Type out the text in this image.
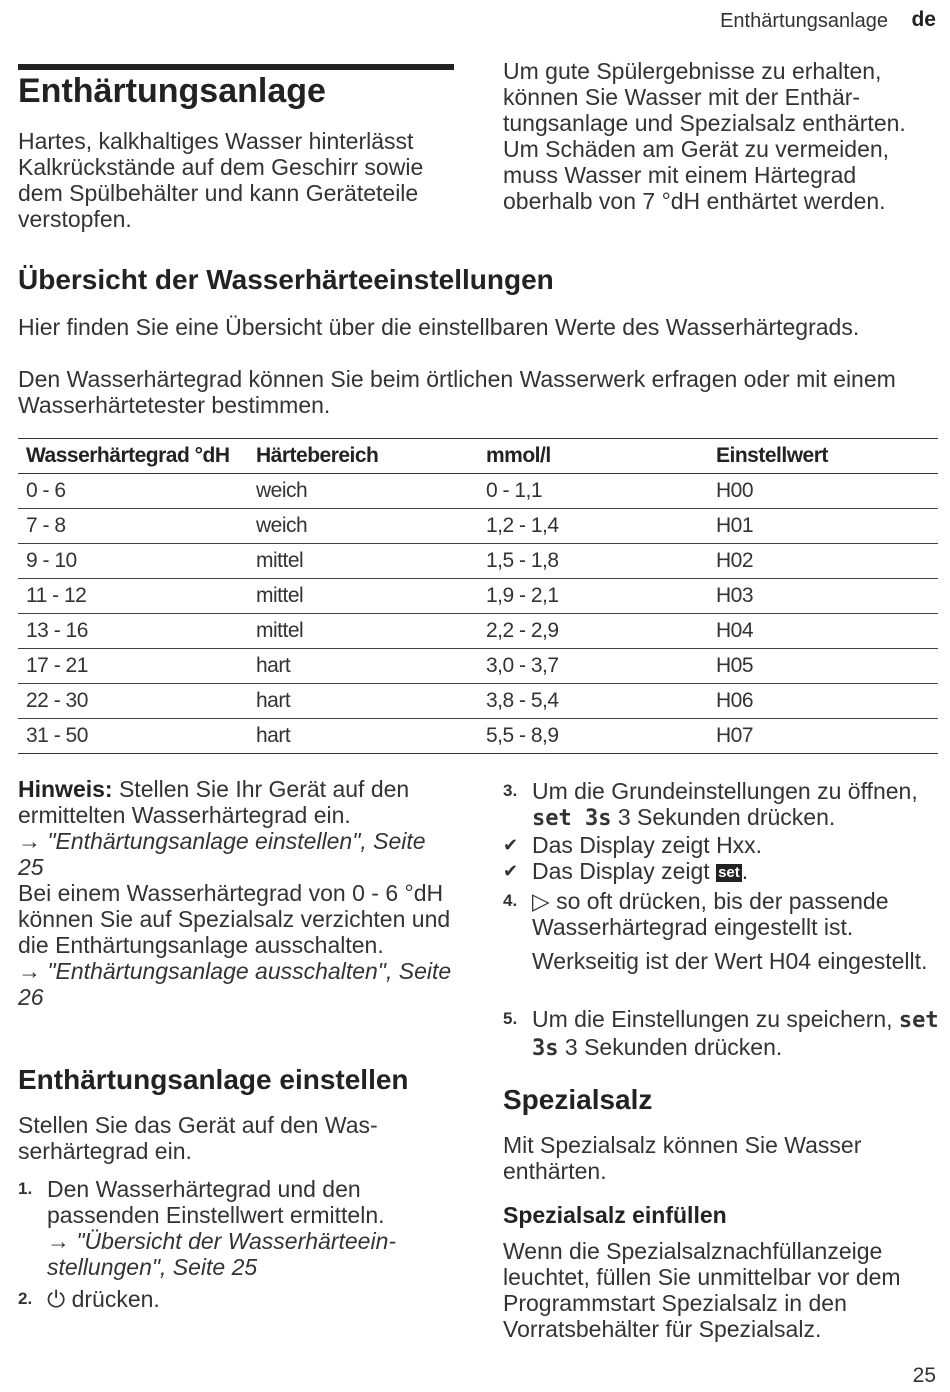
Enthärtungsanlage de
Enthärtungsanlage

Hartes, kalkhaltiges Wasser hinterlässt Kalkrückstände auf dem Geschirr sowie dem Spülbehälter und kann Geräteteile verstopfen.

Um gute Spülergebnisse zu erhalten, können Sie Wasser mit der Enthärtungsanlage und Spezialsalz enthärten. Um Schäden am Gerät zu vermeiden, muss Wasser mit einem Härtegrad oberhalb von 7 °dH enthärtet werden.

Übersicht der Wasserhärteeinstellungen

Hier finden Sie eine Übersicht über die einstellbaren Werte des Wasserhärtegrads.

Den Wasserhärtegrad können Sie beim örtlichen Wasserwerk erfragen oder mit einem Wasserhärtetester bestimmen.

Wasserhärtegrad °dH	Härtebereich	mmol/l	Einstellwert
0 - 6	weich	0 - 1,1	H00
7 - 8	weich	1,2 - 1,4	H01
9 - 10	mittel	1,5 - 1,8	H02
11 - 12	mittel	1,9 - 2,1	H03
13 - 16	mittel	2,2 - 2,9	H04
17 - 21	hart	3,0 - 3,7	H05
22 - 30	hart	3,8 - 5,4	H06
31 - 50	hart	5,5 - 8,9	H07

Hinweis: Stellen Sie Ihr Gerät auf den ermittelten Wasserhärtegrad ein.

→ "Enthärtungsanlage einstellen", Seite 25

Bei einem Wasserhärtegrad von 0 - 6 °dH können Sie auf Spezialsalz verzichten und die Enthärtungsanlage ausschalten.

→ "Enthärtungsanlage ausschalten", Seite 26

Enthärtungsanlage einstellen

Stellen Sie das Gerät auf den Wasserhärtegrad ein.

1. Den Wasserhärtegrad und den passenden Einstellwert ermitteln.
→ "Übersicht der Wasserhärteeinstellungen", Seite 25
2. ⏻ drücken.
3. Um die Grundeinstellungen zu öffnen, set 3s 3 Sekunden drücken.
✔ Das Display zeigt Hxx.
✔ Das Display zeigt set.
4. ▷ so oft drücken, bis der passende Wasserhärtegrad eingestellt ist.
Werkseitig ist der Wert H04 eingestellt.
5. Um die Einstellungen zu speichern, set 3s 3 Sekunden drücken.
Spezialsalz

Mit Spezialsalz können Sie Wasser enthärten.

Spezialsalz einfüllen

Wenn die Spezialsalznachfüllanzeige leuchtet, füllen Sie unmittelbar vor dem Programmstart Spezialsalz in den Vorratsbehälter für Spezialsalz.

25
